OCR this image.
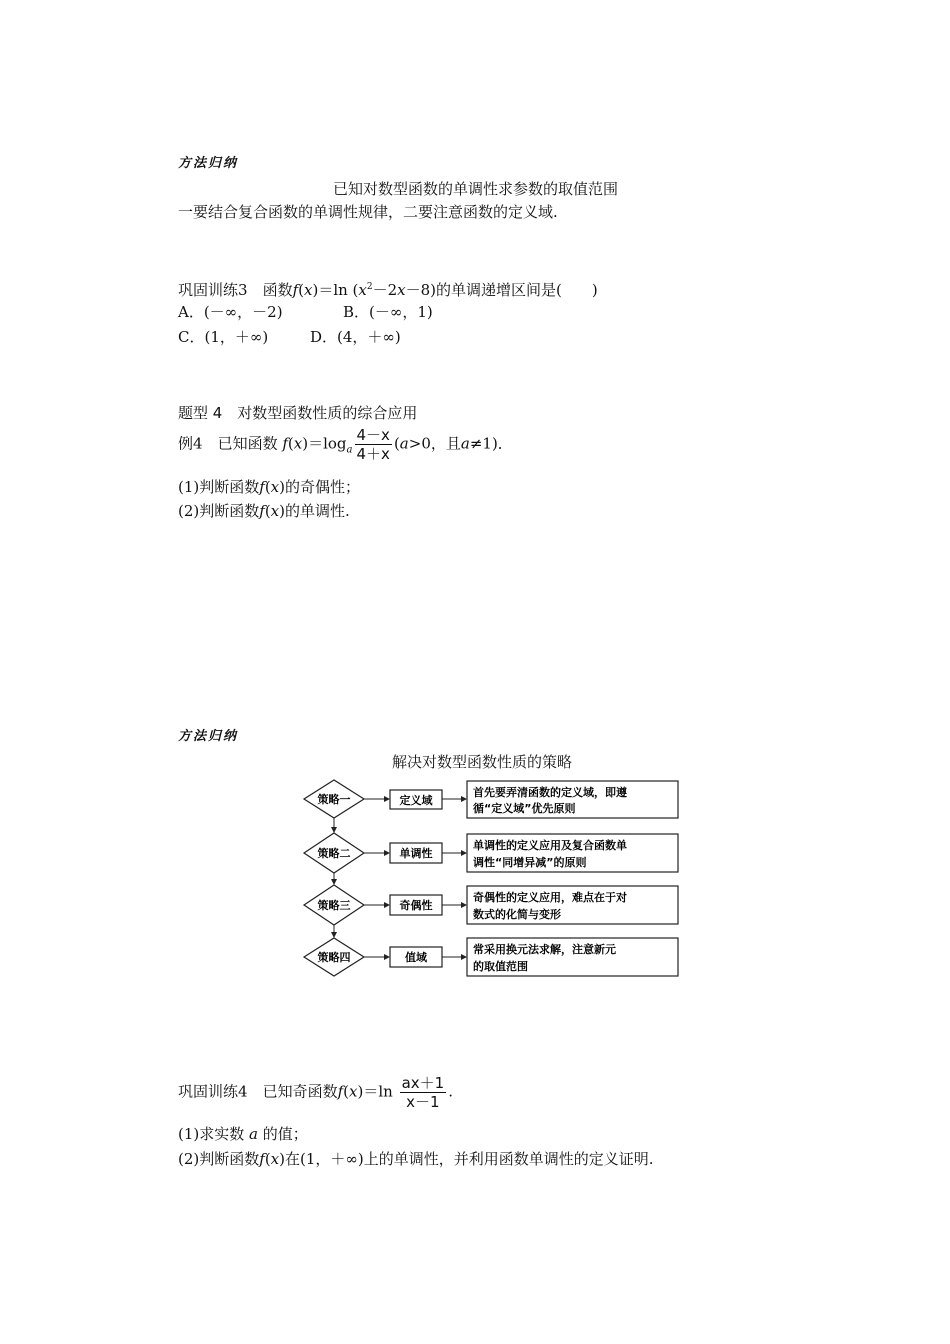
方法归纳
已知对数型函数的单调性求参数的取值范围
一要结合复合函数的单调性规律，二要注意函数的定义域.
巩固训练3　 函数f(x)＝ln $(x^2-2x-8)$的单调递增区间是(　　)
A．(－∞，－2)	B．(－∞，1)
C．(1，＋∞)	D．(4，＋∞)
题型 4　对数型函数性质的综合应用
例4　 已知函数 $f(x)=\log_a \frac{4-x}{4+x} (a>0$，且a≠1)．
(1)判断函数f(x)的奇偶性；
(2)判断函数f(x)的单调性.
方法归纳
解决对数型函数性质的策略
策略一	定义域
首先要弄清函数的定义域，即遵
循“定义域”优先原则
策略二	单调性
单调性的定义应用及复合函数单
调性“同增异减”的原则
策略三	奇偶性
奇偶性的定义应用，难点在于对
数式的化简与变形
策略四	值域
常采用换元法求解，注意新元
的取值范围
巩固训练4　 已知奇函数$f(x)=\ln \frac{ax+1}{x-1}$ .
(1)求实数 a 的值；
(2)判断函数f(x)在(1，＋∞)上的单调性，并利用函数单调性的定义证明.
